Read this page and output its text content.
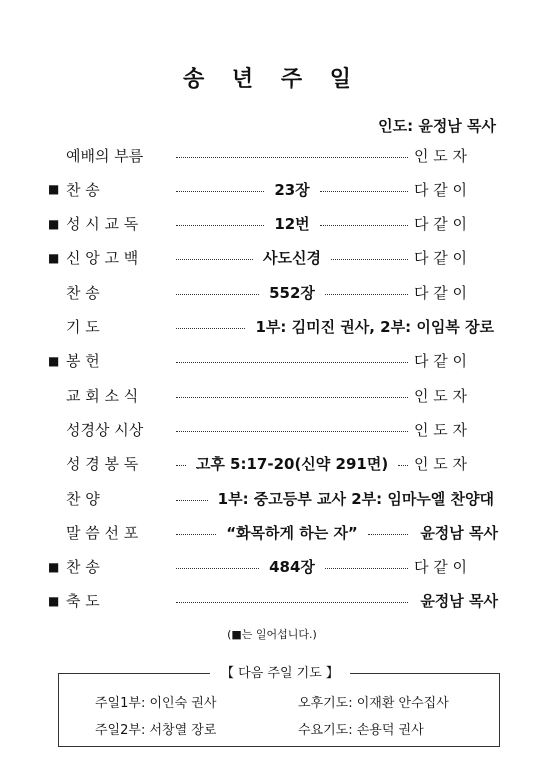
송 년 주 일
인도: 윤정남 목사
예배의 부름	인 도 자
■ 찬 송	23장	다 같 이
■ 성 시 교 독	12번	다 같 이
■ 신 앙 고 백	사도신경	다 같 이
찬 송	552장	다 같 이
기 도	1부: 김미진 권사, 2부: 이임복 장로
■ 봉 헌	다 같 이
교 회 소 식	인 도 자
성경상 시상	인 도 자
성 경 봉 독	고후 5:17-20(신약 291면) 인 도 자
찬 양	1부: 중고등부 교사 2부: 임마누엘 찬양대
말 씀 선 포	“화목하게 하는 자”	윤정남 목사
■ 찬 송	484장	다 같 이
■ 축 도	윤정남 목사
(■는 일어섭니다.)
【 다음 주일 기도 】
주일1부: 이인숙 권사	오후기도: 이재환 안수집사
주일2부: 서창열 장로	수요기도: 손용덕 권사
